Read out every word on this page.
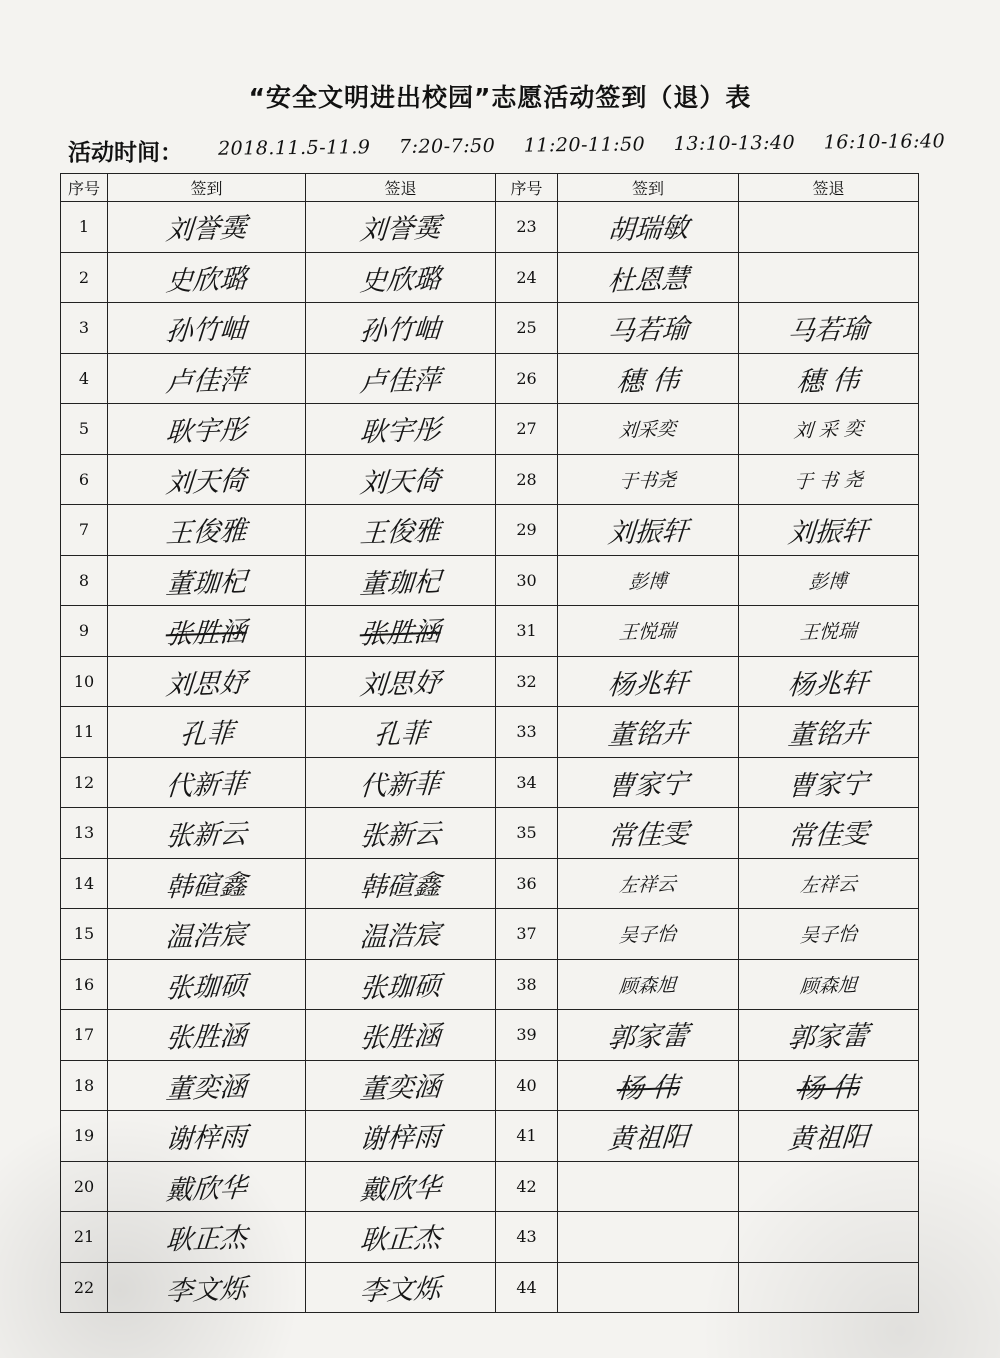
“安全文明进出校园”志愿活动签到（退）表
活动时间： 2018.11.5-11.9 7:20-7:50 11:20-11:50 13:10-13:40 16:10-16:40
序号	签到	签退	序号	签到	签退
1	刘誉霙	刘誉霙	23	胡瑞敏	
2	史欣璐	史欣璐	24	杜恩慧	
3	孙竹岫	孙竹岫	25	马若瑜	马若瑜
4	卢佳萍	卢佳萍	26	穗 伟	穗 伟
5	耿宇彤	耿宇彤	27	刘采奕	刘 采 奕
6	刘天倚	刘天倚	28	于书尧	于 书 尧
7	王俊雅	王俊雅	29	刘振轩	刘振轩
8	董珈杞	董珈杞	30	彭博	彭博
9	张胜涵	张胜涵	31	王悦瑞	王悦瑞
10	刘思妤	刘思妤	32	杨兆轩	杨兆轩
11	孔菲	孔菲	33	董铭卉	董铭卉
12	代新菲	代新菲	34	曹家宁	曹家宁
13	张新云	张新云	35	常佳雯	常佳雯
14	韩碹鑫	韩碹鑫	36	左祥云	左祥云
15	温浩宸	温浩宸	37	吴子怡	吴子怡
16	张珈硕	张珈硕	38	顾森旭	顾森旭
17	张胜涵	张胜涵	39	郭家蕾	郭家蕾
18	董奕涵	董奕涵	40	杨 伟	杨 伟
19	谢梓雨	谢梓雨	41	黄祖阳	黄祖阳
20	戴欣华	戴欣华	42		
21	耿正杰	耿正杰	43		
22	李文烁	李文烁	44		
